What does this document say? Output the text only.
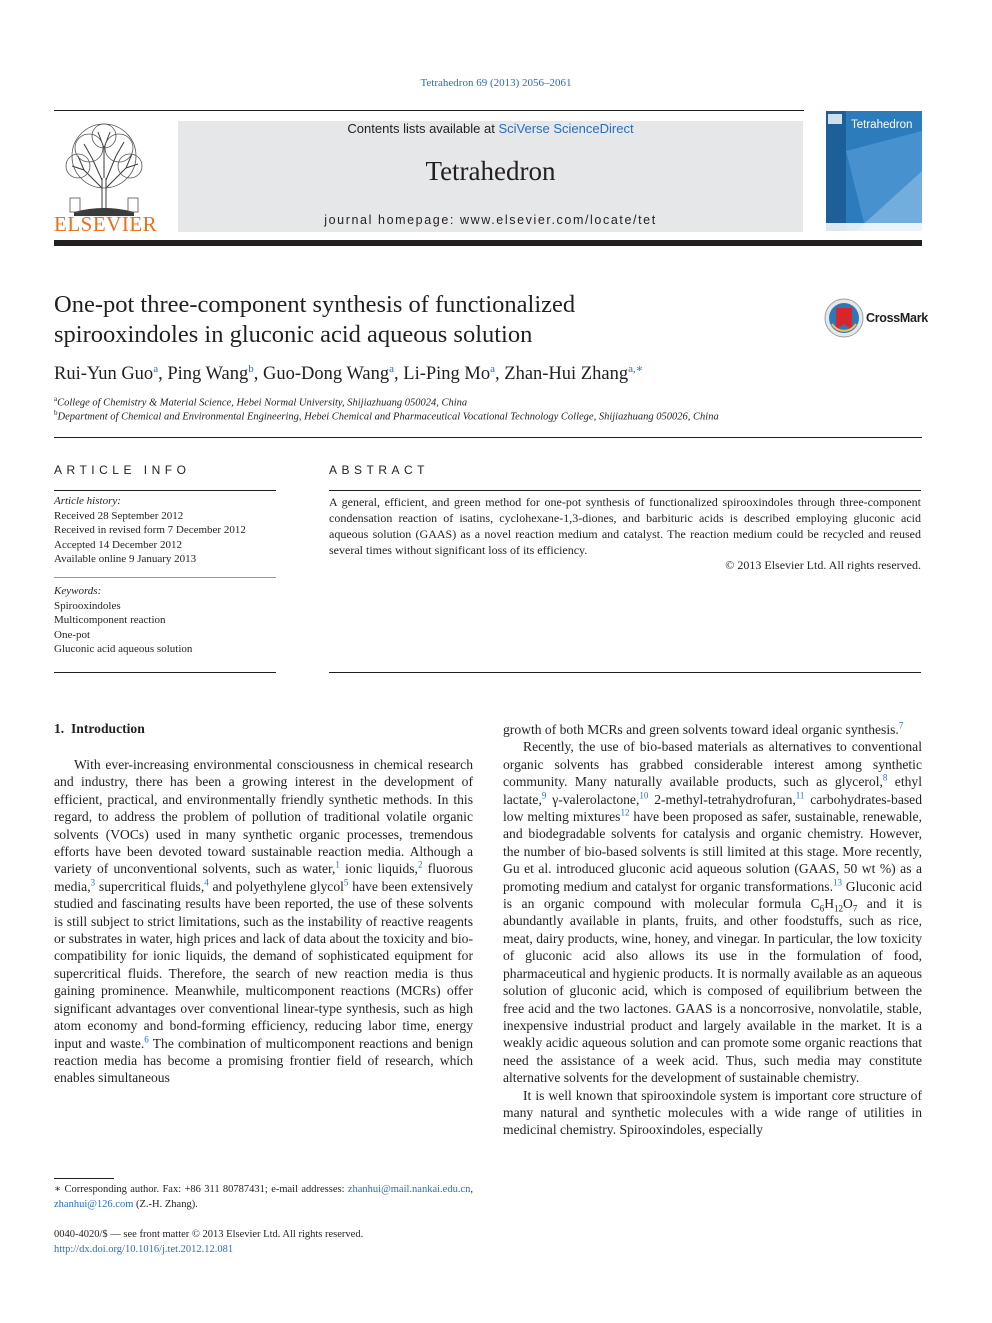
Tetrahedron 69 (2013) 2056–2061
ELSEVIER
Contents lists available at SciVerse ScienceDirect
Tetrahedron
journal homepage: www.elsevier.com/locate/tet
Tetrahedron
One-pot three-component synthesis of functionalized
spirooxindoles in gluconic acid aqueous solution
CrossMark
Rui-Yun Guo$^a$, Ping Wang$^b$, Guo-Dong Wang$^a$, Li-Ping Mo$^a$, Zhan-Hui Zhang$^{a,∗}$
$^a$College of Chemistry & Material Science, Hebei Normal University, Shijiazhuang 050024, China
$^b$Department of Chemical and Environmental Engineering, Hebei Chemical and Pharmaceutical Vocational Technology College, Shijiazhuang 050026, China
ARTICLE INFO
Article history:
Received 28 September 2012
Received in revised form 7 December 2012
Accepted 14 December 2012
Available online 9 January 2013
Keywords:
Spirooxindoles
Multicomponent reaction
One-pot
Gluconic acid aqueous solution
ABSTRACT
A general, efficient, and green method for one-pot synthesis of functionalized spirooxindoles through three-component condensation reaction of isatins, cyclohexane-1,3-diones, and barbituric acids is described employing gluconic acid aqueous solution (GAAS) as a novel reaction medium and catalyst. The reaction medium could be recycled and reused several times without significant loss of its efficiency.
© 2013 Elsevier Ltd. All rights reserved.
1. Introduction

With ever-increasing environmental consciousness in chemical research and industry, there has been a growing interest in the development of efficient, practical, and environmentally friendly synthetic methods. In this regard, to address the problem of pollution of traditional volatile organic solvents (VOCs) used in many synthetic organic processes, tremendous efforts have been devoted toward sustainable reaction media. Although a variety of unconventional solvents, such as water,$^1$ ionic liquids,$^2$ fluorous media,$^3$ supercritical fluids,$^4$ and polyethylene glycol$^5$ have been extensively studied and fascinating results have been reported, the use of these solvents is still subject to strict limitations, such as the instability of reactive reagents or substrates in water, high prices and lack of data about the toxicity and bio-compatibility for ionic liquids, the demand of sophisticated equipment for supercritical fluids. Therefore, the search of new reaction media is thus gaining prominence. Meanwhile, multicomponent reactions (MCRs) offer significant advantages over conventional linear-type synthesis, such as high atom economy and bond-forming efficiency, reducing labor time, energy input and waste.$^6$ The combination of multicomponent reactions and benign reaction media has become a promising frontier field of research, which enables simultaneous

growth of both MCRs and green solvents toward ideal organic synthesis.$^7$

Recently, the use of bio-based materials as alternatives to conventional organic solvents has grabbed considerable interest among synthetic community. Many naturally available products, such as glycerol,$^8$ ethyl lactate,$^9$ γ-valerolactone,$^{10}$ 2-methyl-tetrahydrofuran,$^{11}$ carbohydrates-based low melting mixtures$^{12}$ have been proposed as safer, sustainable, renewable, and biodegradable solvents for catalysis and organic chemistry. However, the number of bio-based solvents is still limited at this stage. More recently, Gu et al. introduced gluconic acid aqueous solution (GAAS, 50 wt %) as a promoting medium and catalyst for organic transformations.$^{13}$ Gluconic acid is an organic compound with molecular formula $C_6H_{12}O_7$ and it is abundantly available in plants, fruits, and other foodstuffs, such as rice, meat, dairy products, wine, honey, and vinegar. In particular, the low toxicity of gluconic acid also allows its use in the formulation of food, pharmaceutical and hygienic products. It is normally available as an aqueous solution of gluconic acid, which is composed of equilibrium between the free acid and the two lactones. GAAS is a noncorrosive, nonvolatile, stable, inexpensive industrial product and largely available in the market. It is a weakly acidic aqueous solution and can promote some organic reactions that need the assistance of a week acid. Thus, such media may constitute alternative solvents for the development of sustainable chemistry.

It is well known that spirooxindole system is important core structure of many natural and synthetic molecules with a wide range of utilities in medicinal chemistry. Spirooxindoles, especially

∗ Corresponding author. Fax: +86 311 80787431; e-mail addresses: zhanhui@mail.nankai.edu.cn, zhanhui@126.com (Z.-H. Zhang).
0040-4020/$ — see front matter © 2013 Elsevier Ltd. All rights reserved.
http://dx.doi.org/10.1016/j.tet.2012.12.081
